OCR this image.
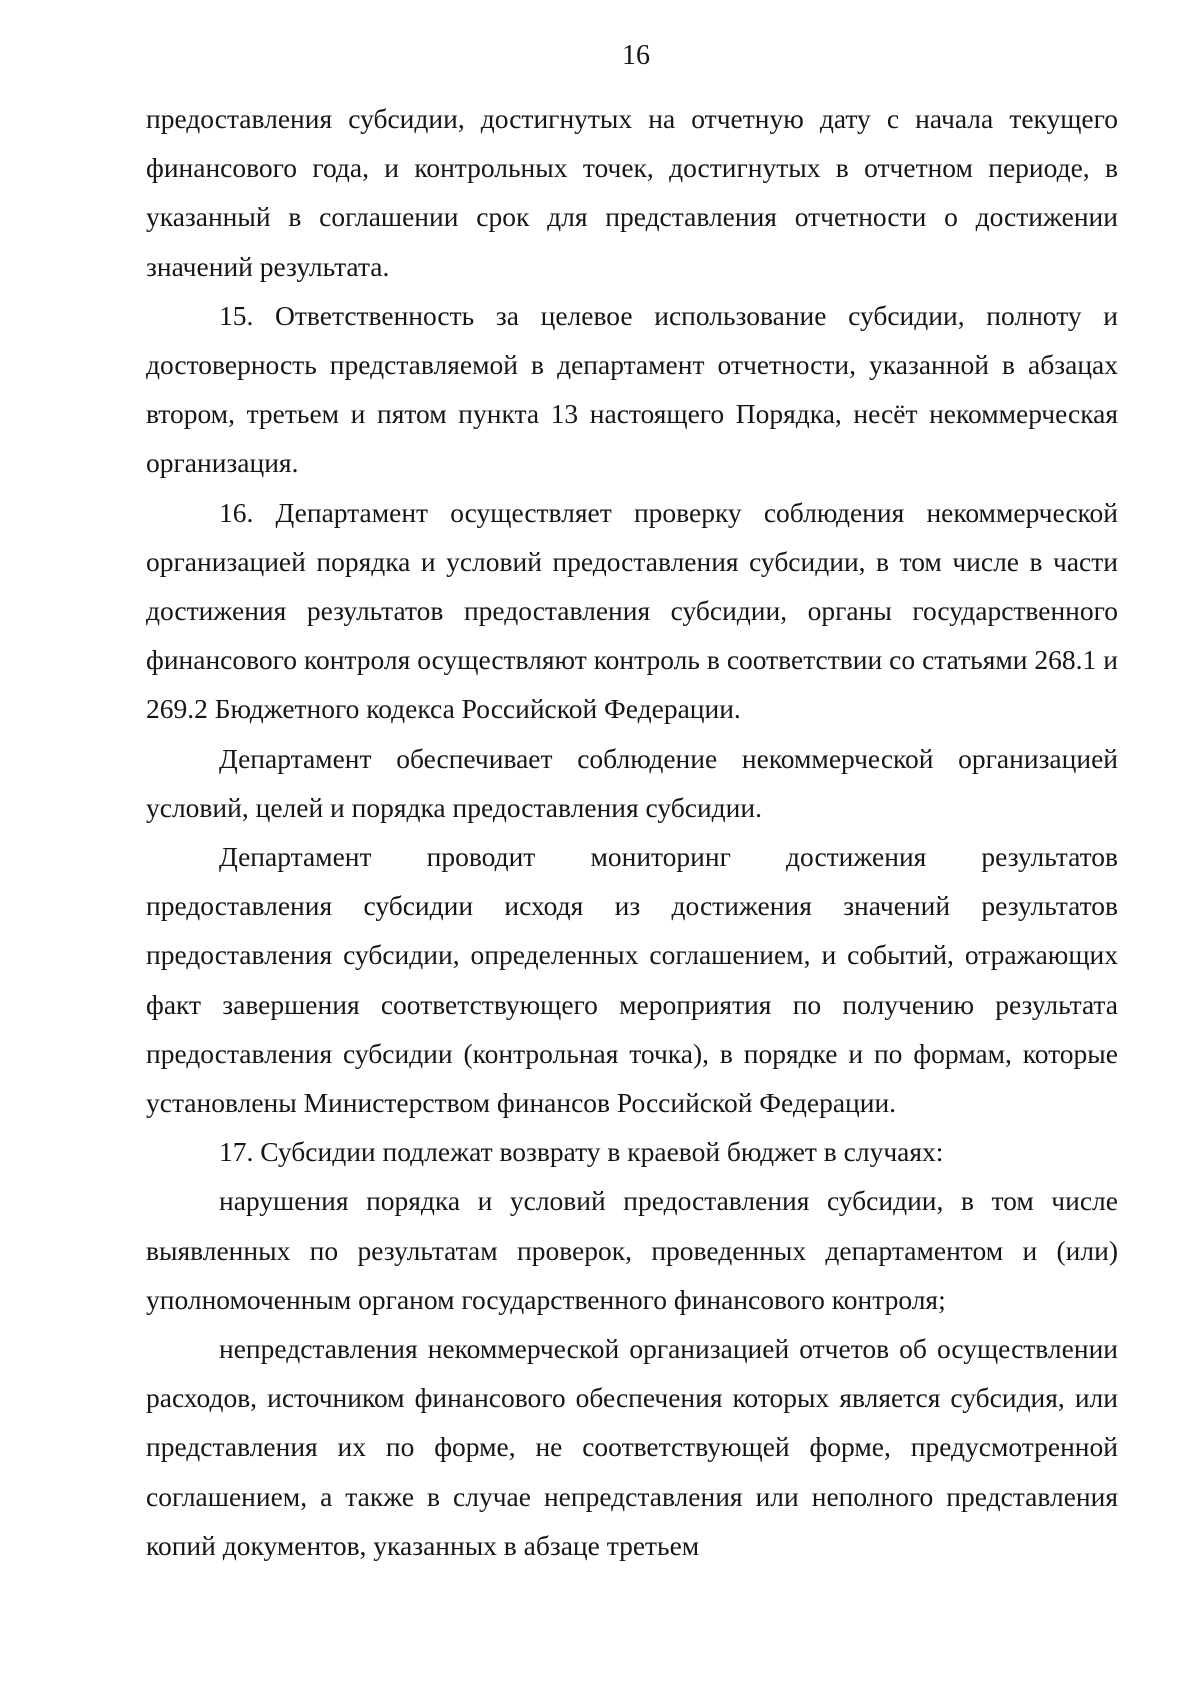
16

предоставления субсидии, достигнутых на отчетную дату с начала текущего финансового года, и контрольных точек, достигнутых в отчетном периоде, в указанный в соглашении срок для представления отчетности о достижении значений результата.

15. Ответственность за целевое использование субсидии, полноту и достоверность представляемой в департамент отчетности, указанной в абзацах втором, третьем и пятом пункта 13 настоящего Порядка, несёт некоммерческая организация.

16. Департамент осуществляет проверку соблюдения некоммерческой организацией порядка и условий предоставления субсидии, в том числе в части достижения результатов предоставления субсидии, органы государственного финансового контроля осуществляют контроль в соответствии со статьями 268.1 и 269.2 Бюджетного кодекса Российской Федерации.

Департамент обеспечивает соблюдение некоммерческой организацией условий, целей и порядка предоставления субсидии.

Департамент проводит мониторинг достижения результатов предоставления субсидии исходя из достижения значений результатов предоставления субсидии, определенных соглашением, и событий, отражающих факт завершения соответствующего мероприятия по получению результата предоставления субсидии (контрольная точка), в порядке и по формам, которые установлены Министерством финансов Российской Федерации.

17. Субсидии подлежат возврату в краевой бюджет в случаях:

нарушения порядка и условий предоставления субсидии, в том числе выявленных по результатам проверок, проведенных департаментом и (или) уполномоченным органом государственного финансового контроля;

непредставления некоммерческой организацией отчетов об осуществлении расходов, источником финансового обеспечения которых является субсидия, или представления их по форме, не соответствующей форме, предусмотренной соглашением, а также в случае непредставления или неполного представления копий документов, указанных в абзаце третьем
